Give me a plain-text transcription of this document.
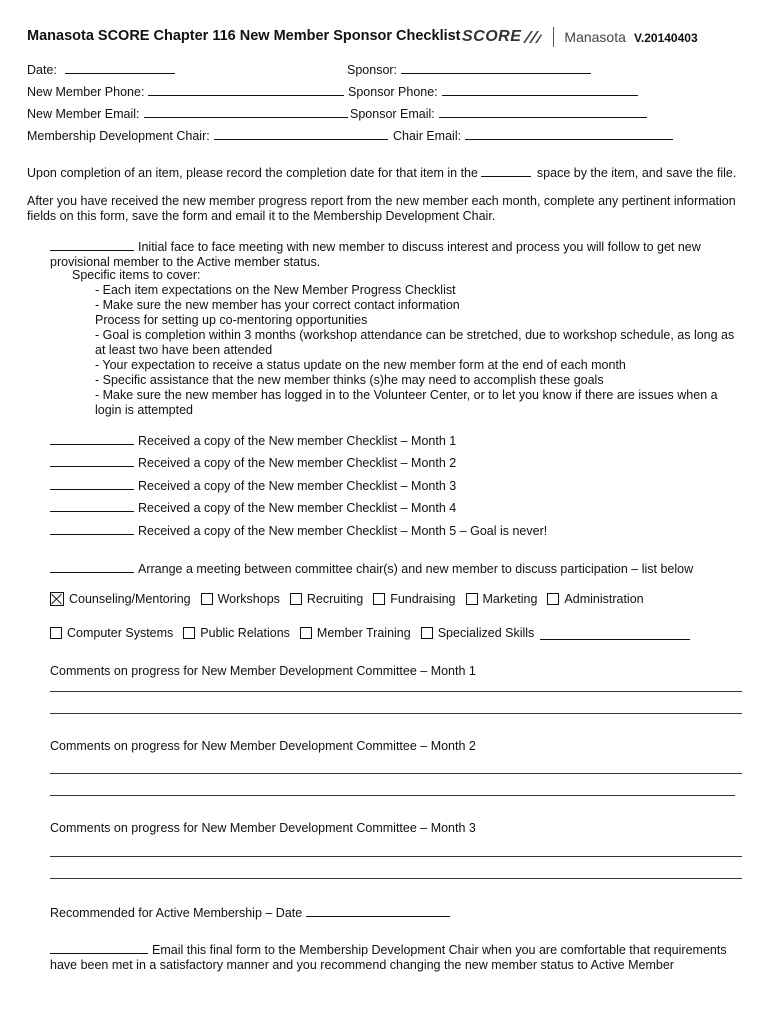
Manasota SCORE Chapter 116 New Member Sponsor Checklist SCORE	Manasota V.20140403
Date:	Sponsor:
New Member Phone:	Sponsor Phone:
New Member Email:	Sponsor Email:
Membership Development Chair:	Chair Email:
Upon completion of an item, please record the completion date for that item in the	space by the item, and save the file.
After you have received the new member progress report from the new member each month, complete any pertinent information fields on this form, save the form and email it to the Membership Development Chair.
Initial face to face meeting with new member to discuss interest and process you will follow to get new provisional member to the Active member status.
Specific items to cover:
- Each item expectations on the New Member Progress Checklist
- Make sure the new member has your correct contact information
Process for setting up co-mentoring opportunities
- Goal is completion within 3 months (workshop attendance can be stretched, due to workshop schedule, as long as at least two have been attended
- Your expectation to receive a status update on the new member form at the end of each month
- Specific assistance that the new member thinks (s)he may need to accomplish these goals
- Make sure the new member has logged in to the Volunteer Center, or to let you know if there are issues when a login is attempted
Received a copy of the New member Checklist – Month 1
Received a copy of the New member Checklist – Month 2
Received a copy of the New member Checklist – Month 3
Received a copy of the New member Checklist – Month 4
Received a copy of the New member Checklist – Month 5 – Goal is never!
Arrange a meeting between committee chair(s) and new member to discuss participation – list below
Counseling/Mentoring Workshops Recruiting Fundraising Marketing Administration
Computer Systems Public Relations Member Training Specialized Skills
Comments on progress for New Member Development Committee – Month 1
Comments on progress for New Member Development Committee – Month 2
Comments on progress for New Member Development Committee – Month 3
Recommended for Active Membership – Date
Email this final form to the Membership Development Chair when you are comfortable that requirements have been met in a satisfactory manner and you recommend changing the new member status to Active Member
